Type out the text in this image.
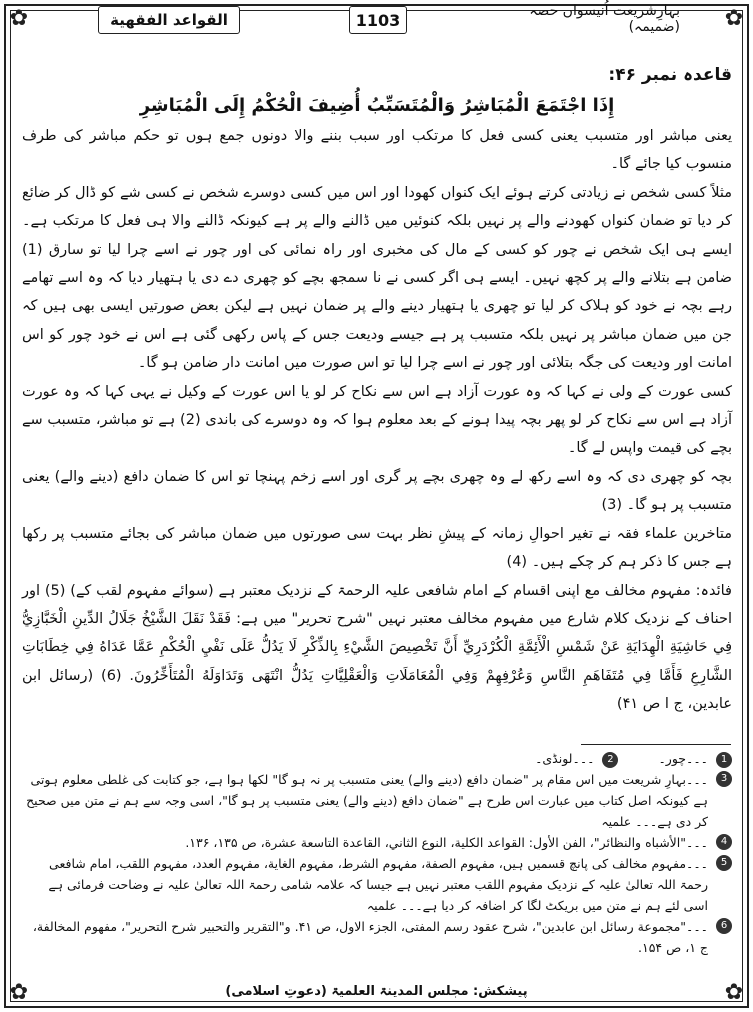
✿	✿
✿	✿
القواعد الفقهية	1103	بہارِشریعت اُنیسواں حصہ (ضمیمہ)

قاعدہ نمبر ۴۶:

إِذَا اجْتَمَعَ الْمُبَاشِرُ وَالْمُتَسَبِّبُ أُضِيفَ الْحُكْمُ إِلَى الْمُبَاشِرِ

یعنی مباشر اور متسبب یعنی کسی فعل کا مرتکب اور سبب بننے والا دونوں جمع ہوں تو حکم مباشر کی طرف منسوب کیا جائے گا۔

مثلاً کسی شخص نے زیادتی کرتے ہوئے ایک کنواں کھودا اور اس میں کسی دوسرے شخص نے کسی شے کو ڈال کر ضائع کر دیا تو ضمان کنواں کھودنے والے پر نہیں بلکہ کنوئیں میں ڈالنے والے پر ہے کیونکہ ڈالنے والا ہی فعل کا مرتکب ہے۔ ایسے ہی ایک شخص نے چور کو کسی کے مال کی مخبری اور راہ نمائی کی اور چور نے اسے چرا لیا تو سارق (1) ضامن ہے بتلانے والے پر کچھ نہیں۔ ایسے ہی اگر کسی نے نا سمجھ بچے کو چھری دے دی یا ہتھیار دیا کہ وہ اسے تھامے رہے بچہ نے خود کو ہلاک کر لیا تو چھری یا ہتھیار دینے والے پر ضمان نہیں ہے لیکن بعض صورتیں ایسی بھی ہیں کہ جن میں ضمان مباشر پر نہیں بلکہ متسبب پر ہے جیسے ودیعت جس کے پاس رکھی گئی ہے اس نے خود چور کو اس امانت اور ودیعت کی جگہ بتلائی اور چور نے اسے چرا لیا تو اس صورت میں امانت دار ضامن ہو گا۔

کسی عورت کے ولی نے کہا کہ وہ عورت آزاد ہے اس سے نکاح کر لو یا اس عورت کے وکیل نے یہی کہا کہ وہ عورت آزاد ہے اس سے نکاح کر لو پھر بچہ پیدا ہونے کے بعد معلوم ہوا کہ وہ دوسرے کی باندی (2) ہے تو مباشر، متسبب سے بچے کی قیمت واپس لے گا۔

بچہ کو چھری دی کہ وہ اسے رکھ لے وہ چھری بچے پر گری اور اسے زخم پہنچا تو اس کا ضمان دافع (دینے والے) یعنی متسبب پر ہو گا۔ (3)

متاخرین علماء فقہ نے تغیر احوالِ زمانہ کے پیشِ نظر بہت سی صورتوں میں ضمان مباشر کی بجائے متسبب پر رکھا ہے جس کا ذکر ہم کر چکے ہیں۔ (4)

فائدہ: مفہوم مخالف مع اپنی اقسام کے امام شافعی علیہ الرحمۃ کے نزدیک معتبر ہے (سوائے مفہوم لقب کے) (5) اور احناف کے نزدیک کلام شارع میں مفہوم مخالف معتبر نہیں "شرح تحریر" میں ہے: فَقَدْ نَقَلَ الشَّيْخُ جَلَالُ الدِّينِ الْخَبَّازِيُّ فِي حَاشِيَةِ الْهِدَايَةِ عَنْ شَمْسِ الْأَئِمَّةِ الْكُرْدَرِيِّ أَنَّ تَخْصِيصَ الشَّيْءِ بِالذِّكْرِ لَا يَدُلُّ عَلَى نَفْيِ الْحُكْمِ عَمَّا عَدَاهُ فِي خِطَابَاتِ الشَّارِعِ فَأَمَّا فِي مُتَفَاهَمِ النَّاسِ وَعُرْفِهِمْ وَفِي الْمُعَامَلَاتِ وَالْعَقْلِيَّاتِ يَدُلُّ انْتَهَى وَتَدَاوَلَهُ الْمُتَأَخِّرُونَ. (6) (رسائل ابن عابدین، ج ا ص ۴۱)

1
۔۔۔چور۔
2
۔۔۔لونڈی۔
3
۔۔۔بہارِ شریعت میں اس مقام پر "ضمان دافع (دینے والے) یعنی متسبب پر نہ ہو گا" لکھا ہوا ہے، جو کتابت کی غلطی معلوم ہوتی ہے کیونکہ اصل کتاب میں عبارت اس طرح ہے "ضمان دافع (دینے والے) یعنی متسبب پر ہو گا"، اسی وجہ سے ہم نے متن میں صحیح کر دی ہے۔۔۔ علمیہ
4
۔۔۔"الأشباه والنظائر"، الفن الأول: القواعد الكلية، النوع الثاني، القاعدة التاسعة عشرة، ص ۱۳۵، ۱۳۶.
5
۔۔۔مفہوم مخالف کی پانچ قسمیں ہیں، مفہوم الصفة، مفہوم الشرط، مفہوم الغاية، مفہوم العدد، مفہوم اللقب، امام شافعی رحمۃ اللہ تعالیٰ علیہ کے نزدیک مفہوم اللقب معتبر نہیں ہے جیسا کہ علامہ شامی رحمۃ اللہ تعالیٰ علیہ نے وضاحت فرمائی ہے اسی لئے ہم نے متن میں بریکٹ لگا کر اضافہ کر دیا ہے۔۔۔ علمیہ
6
۔۔۔"مجموعة رسائل ابن عابدين"، شرح عقود رسم المفتی، الجزء الاول، ص ۴۱. و"التقرير والتحبير شرح التحرير"، مفهوم المخالفة، ج ۱، ص ۱۵۴.
پیشکش: مجلس المدینۃ العلمیۃ (دعوتِ اسلامی)
